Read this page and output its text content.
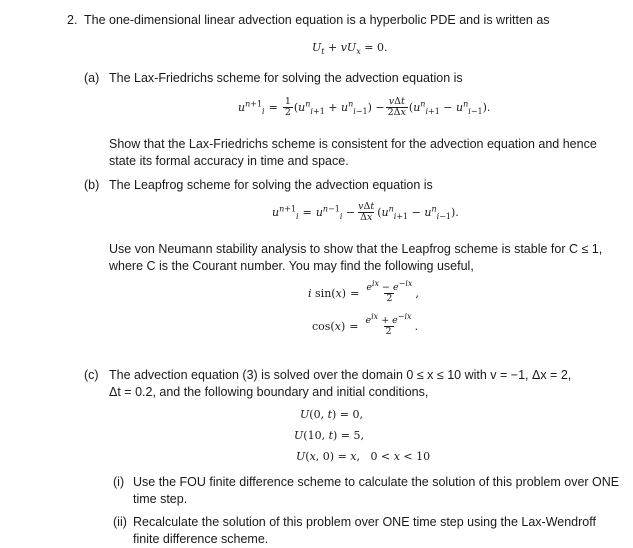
2. The one-dimensional linear advection equation is a hyperbolic PDE and is written as
$U_t + vU_x = 0$.
(a) The Lax-Friedrichs scheme for solving the advection equation is
$u^{n+1}_i = \frac{1}{2} (u^n_{i+1} + u^n_{i-1}) - \frac{\text{vΔt}}{2\Delta x} (u^n_{i+1} - u^n_{i-1})$.
Show that the Lax-Friedrichs scheme is consistent for the advection equation and hence
state its formal accuracy in time and space.
(b) The Leapfrog scheme for solving the advection equation is
$u^{n+1}_i = u^{n-1}_i - \frac{\text{vΔt}}{\Delta x} (u^n_{i+1} - u^n_{i-1})$.
Use von Neumann stability analysis to show that the Leapfrog scheme is stable for C ≤ 1,
where C is the Courant number. You may find the following useful,
i $\sin(x) = \frac{e^{ix} - e^{-ix}}{2}$ ,
$\cos(x) = \frac{e^{ix} + e^{-ix}}{2}$ .
(c) The advection equation (3) is solved over the domain 0 ≤ x ≤ 10 with v = −1, Δx = 2,
Δt = 0.2, and the following boundary and initial conditions,
U(0, t) = 0,
U(10, t) = 5,
U(x, 0) = x,   0 < x < 10
(i) Use the FOU finite difference scheme to calculate the solution of this problem over ONE
time step.
(ii) Recalculate the solution of this problem over ONE time step using the Lax-Wendroff
finite difference scheme.
